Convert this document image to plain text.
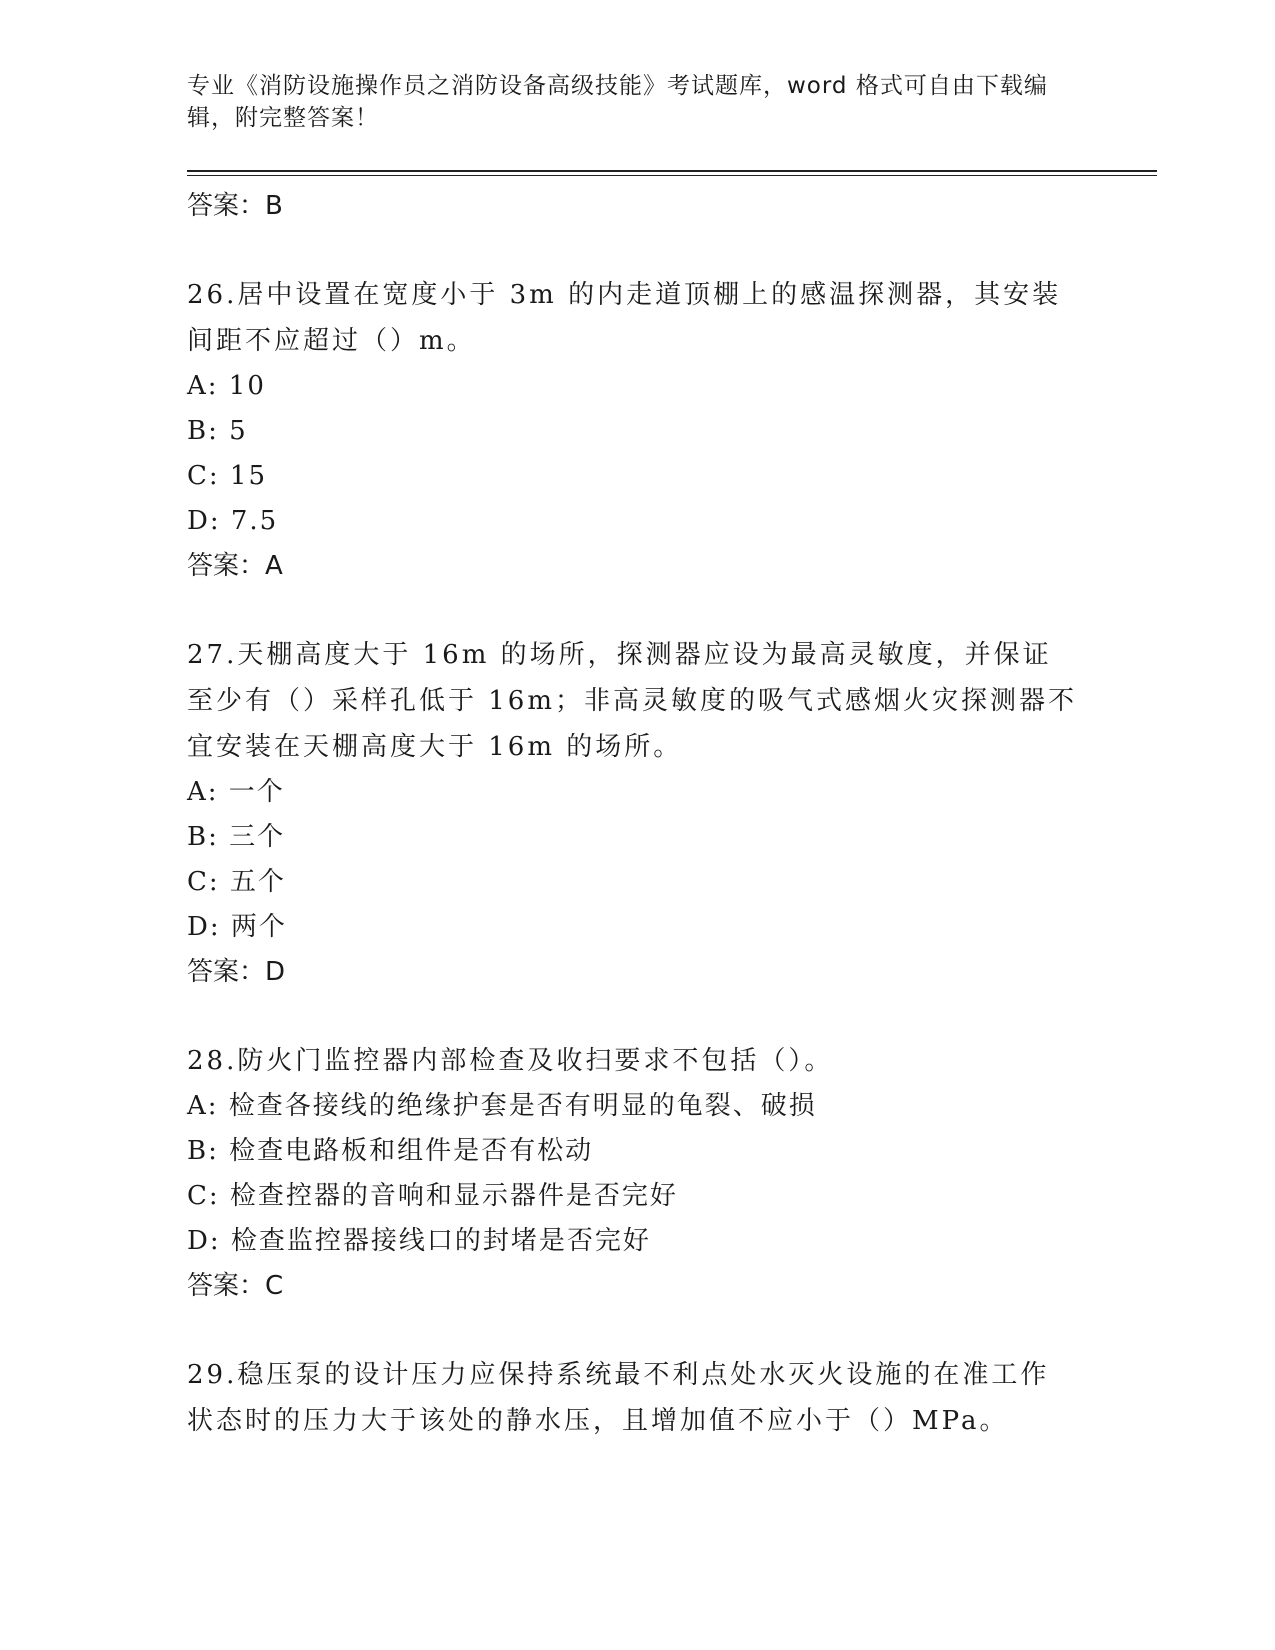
专业《消防设施操作员之消防设备高级技能》考试题库，word 格式可自由下载编辑，附完整答案！

答案：B

26.居中设置在宽度小于 3m 的内走道顶棚上的感温探测器，其安装间距不应超过（）m。

A: 10

B: 5

C: 15

D: 7.5

答案：A

27.天棚高度大于 16m 的场所，探测器应设为最高灵敏度，并保证至少有（）采样孔低于 16m；非高灵敏度的吸气式感烟火灾探测器不宜安装在天棚高度大于 16m 的场所。

A: 一个

B: 三个

C: 五个

D: 两个

答案：D

28.防火门监控器内部检查及收扫要求不包括（）。

A: 检查各接线的绝缘护套是否有明显的龟裂、破损

B: 检查电路板和组件是否有松动

C: 检查控器的音响和显示器件是否完好

D: 检查监控器接线口的封堵是否完好

答案：C

29.稳压泵的设计压力应保持系统最不利点处水灭火设施的在准工作状态时的压力大于该处的静水压，且增加值不应小于（）MPa。
